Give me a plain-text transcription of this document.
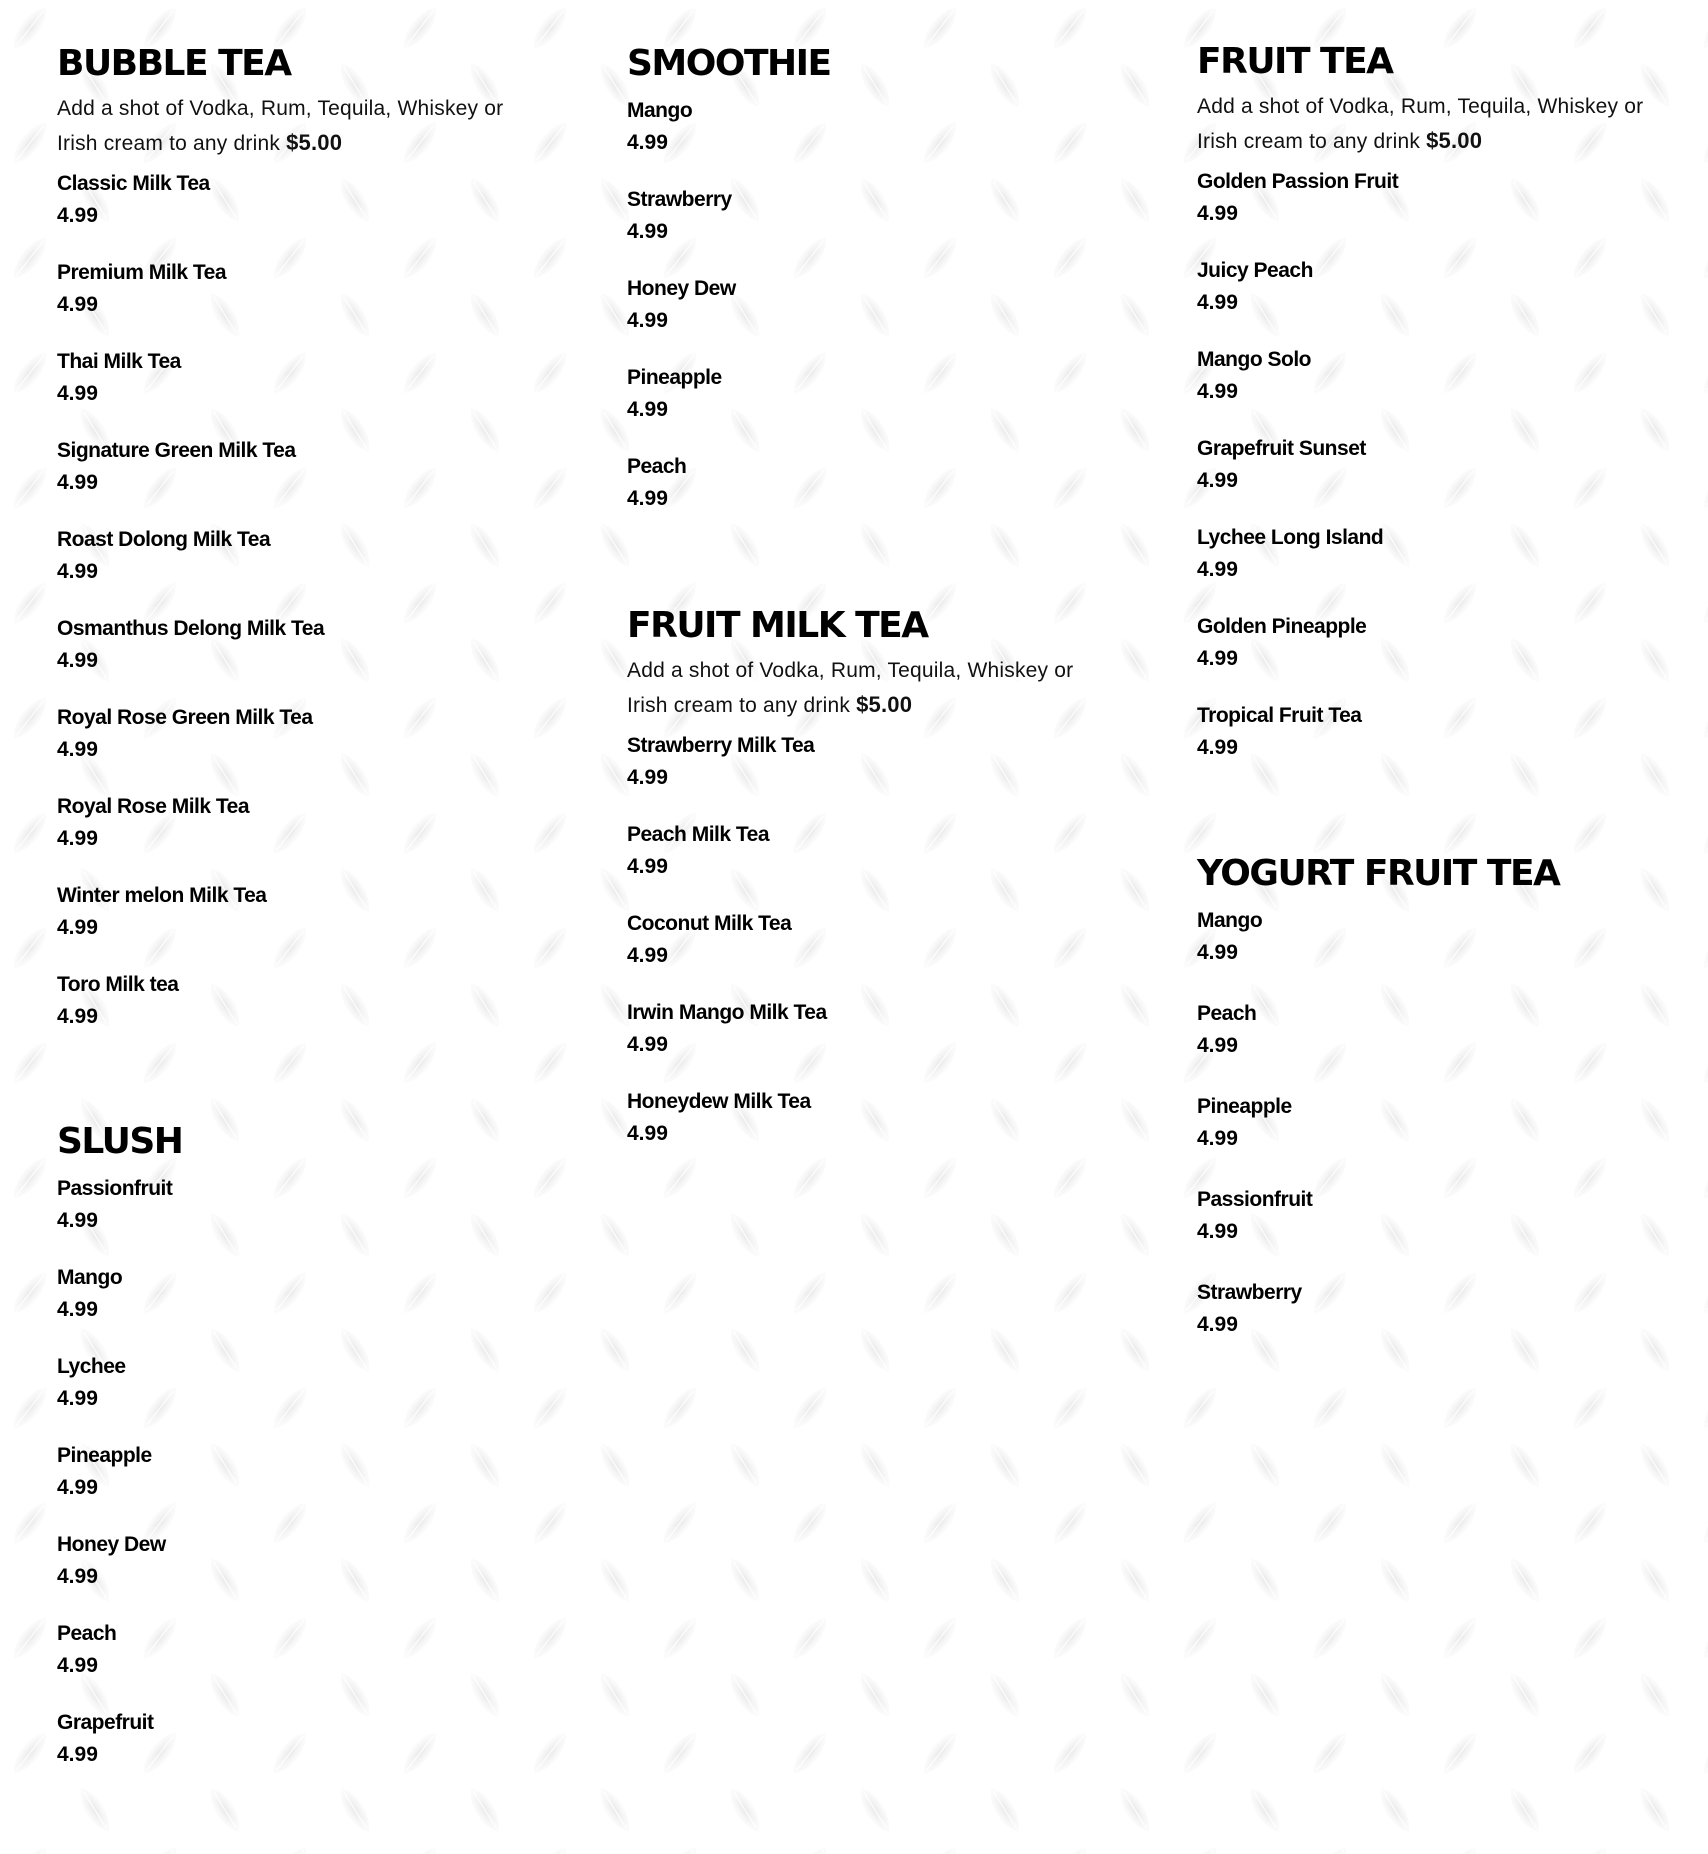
BUBBLE TEA

Add a shot of Vodka, Rum, Tequila, Whiskey or Irish cream to any drink $5.00

Classic Milk Tea
4.99
Premium Milk Tea
4.99
Thai Milk Tea
4.99
Signature Green Milk Tea
4.99
Roast Dolong Milk Tea
4.99
Osmanthus Delong Milk Tea
4.99
Royal Rose Green Milk Tea
4.99
Royal Rose Milk Tea
4.99
Winter melon Milk Tea
4.99
Toro Milk tea
4.99
SLUSH
Passionfruit
4.99
Mango
4.99
Lychee
4.99
Pineapple
4.99
Honey Dew
4.99
Peach
4.99
Grapefruit
4.99
SMOOTHIE
Mango
4.99
Strawberry
4.99
Honey Dew
4.99
Pineapple
4.99
Peach
4.99
FRUIT MILK TEA

Add a shot of Vodka, Rum, Tequila, Whiskey or Irish cream to any drink $5.00

Strawberry Milk Tea
4.99
Peach Milk Tea
4.99
Coconut Milk Tea
4.99
Irwin Mango Milk Tea
4.99
Honeydew Milk Tea
4.99
FRUIT TEA

Add a shot of Vodka, Rum, Tequila, Whiskey or Irish cream to any drink $5.00

Golden Passion Fruit
4.99
Juicy Peach
4.99
Mango Solo
4.99
Grapefruit Sunset
4.99
Lychee Long Island
4.99
Golden Pineapple
4.99
Tropical Fruit Tea
4.99
YOGURT FRUIT TEA
Mango
4.99
Peach
4.99
Pineapple
4.99
Passionfruit
4.99
Strawberry
4.99
